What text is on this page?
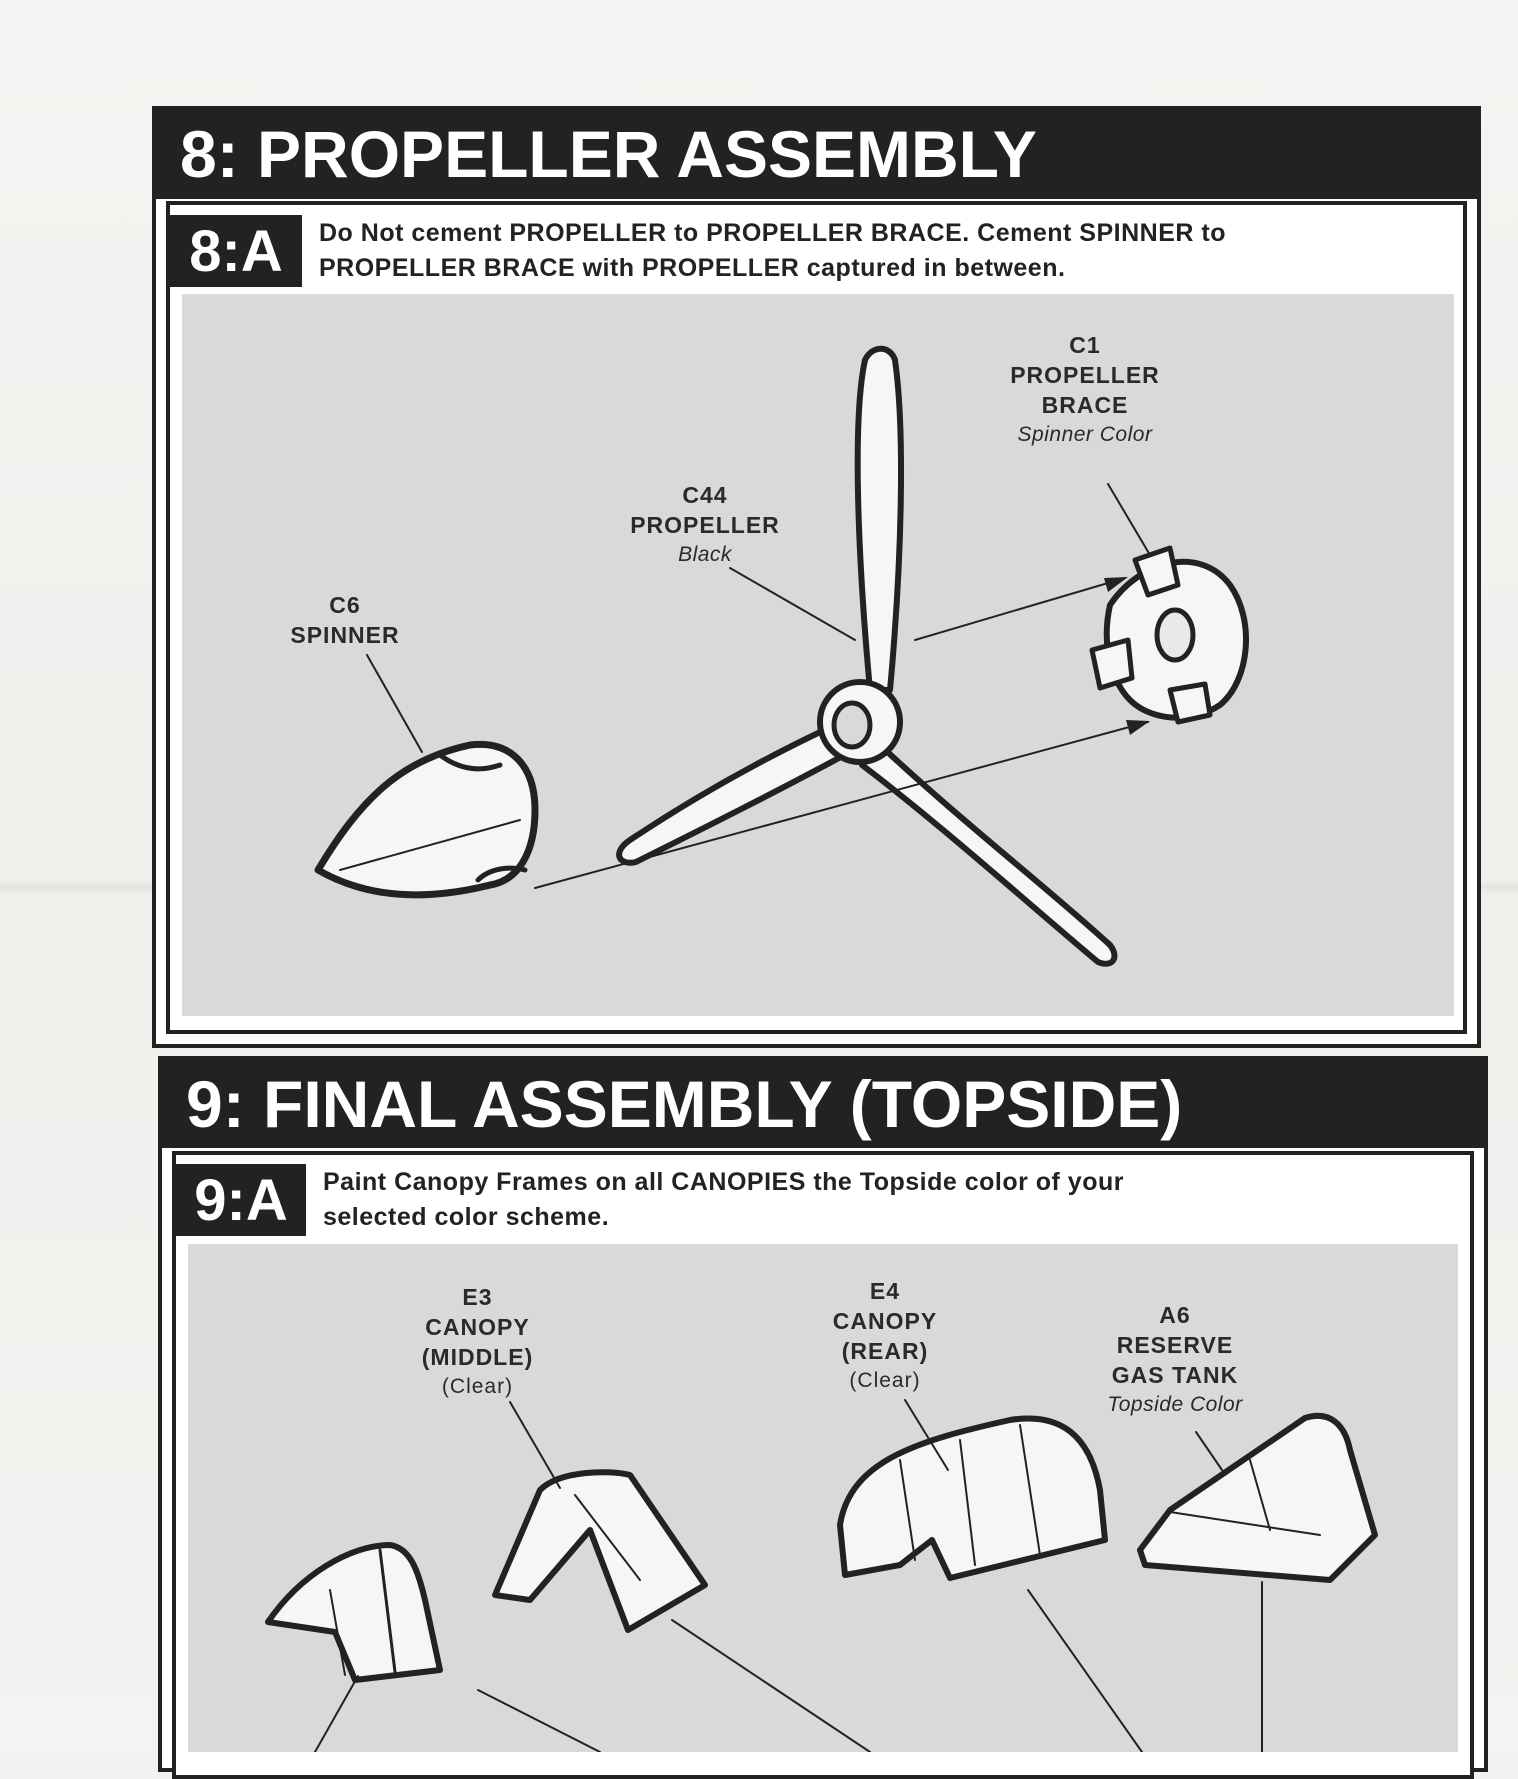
8: PROPELLER ASSEMBLY
8:A Do Not cement PROPELLER to PROPELLER BRACE. Cement SPINNER to
PROPELLER BRACE with PROPELLER captured in between.
C1
PROPELLER
BRACE
Spinner Color
C44
PROPELLER
Black
C6
SPINNER
9: FINAL ASSEMBLY (TOPSIDE)
9:A Paint Canopy Frames on all CANOPIES the Topside color of your
selected color scheme.
E3
CANOPY
(MIDDLE)
(Clear)
E4
CANOPY
(REAR)
(Clear)
A6
RESERVE
GAS TANK
Topside Color
